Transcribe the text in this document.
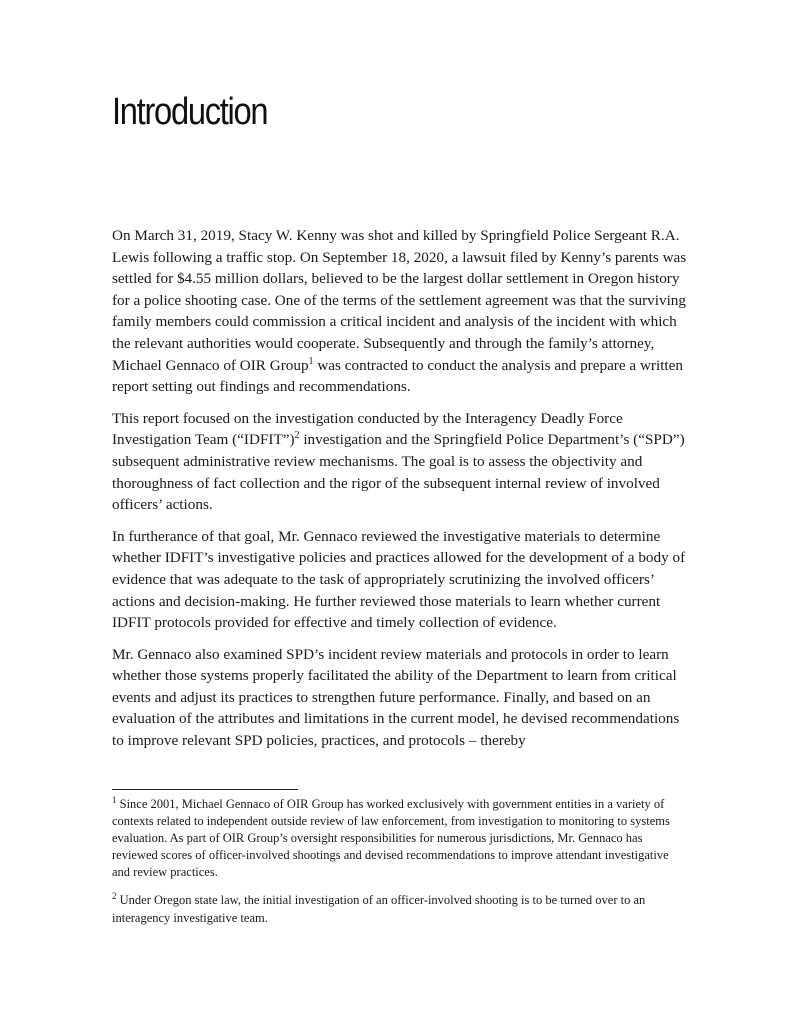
Introduction

On March 31, 2019, Stacy W. Kenny was shot and killed by Springfield Police Sergeant R.A. Lewis following a traffic stop. On September 18, 2020, a lawsuit filed by Kenny’s parents was settled for $4.55 million dollars, believed to be the largest dollar settlement in Oregon history for a police shooting case. One of the terms of the settlement agreement was that the surviving family members could commission a critical incident and analysis of the incident with which the relevant authorities would cooperate. Subsequently and through the family’s attorney, Michael Gennaco of OIR Group$^1$ was contracted to conduct the analysis and prepare a written report setting out findings and recommendations.

This report focused on the investigation conducted by the Interagency Deadly Force Investigation Team (“IDFIT”)$^2$ investigation and the Springfield Police Department’s (“SPD”) subsequent administrative review mechanisms. The goal is to assess the objectivity and thoroughness of fact collection and the rigor of the subsequent internal review of involved officers’ actions.

In furtherance of that goal, Mr. Gennaco reviewed the investigative materials to determine whether IDFIT’s investigative policies and practices allowed for the development of a body of evidence that was adequate to the task of appropriately scrutinizing the involved officers’ actions and decision-making. He further reviewed those materials to learn whether current IDFIT protocols provided for effective and timely collection of evidence.

Mr. Gennaco also examined SPD’s incident review materials and protocols in order to learn whether those systems properly facilitated the ability of the Department to learn from critical events and adjust its practices to strengthen future performance. Finally, and based on an evaluation of the attributes and limitations in the current model, he devised recommendations to improve relevant SPD policies, practices, and protocols – thereby

$^1$ Since 2001, Michael Gennaco of OIR Group has worked exclusively with government entities in a variety of contexts related to independent outside review of law enforcement, from investigation to monitoring to systems evaluation. As part of OIR Group’s oversight responsibilities for numerous jurisdictions, Mr. Gennaco has reviewed scores of officer-involved shootings and devised recommendations to improve attendant investigative and review practices.

$^2$ Under Oregon state law, the initial investigation of an officer-involved shooting is to be turned over to an interagency investigative team.
